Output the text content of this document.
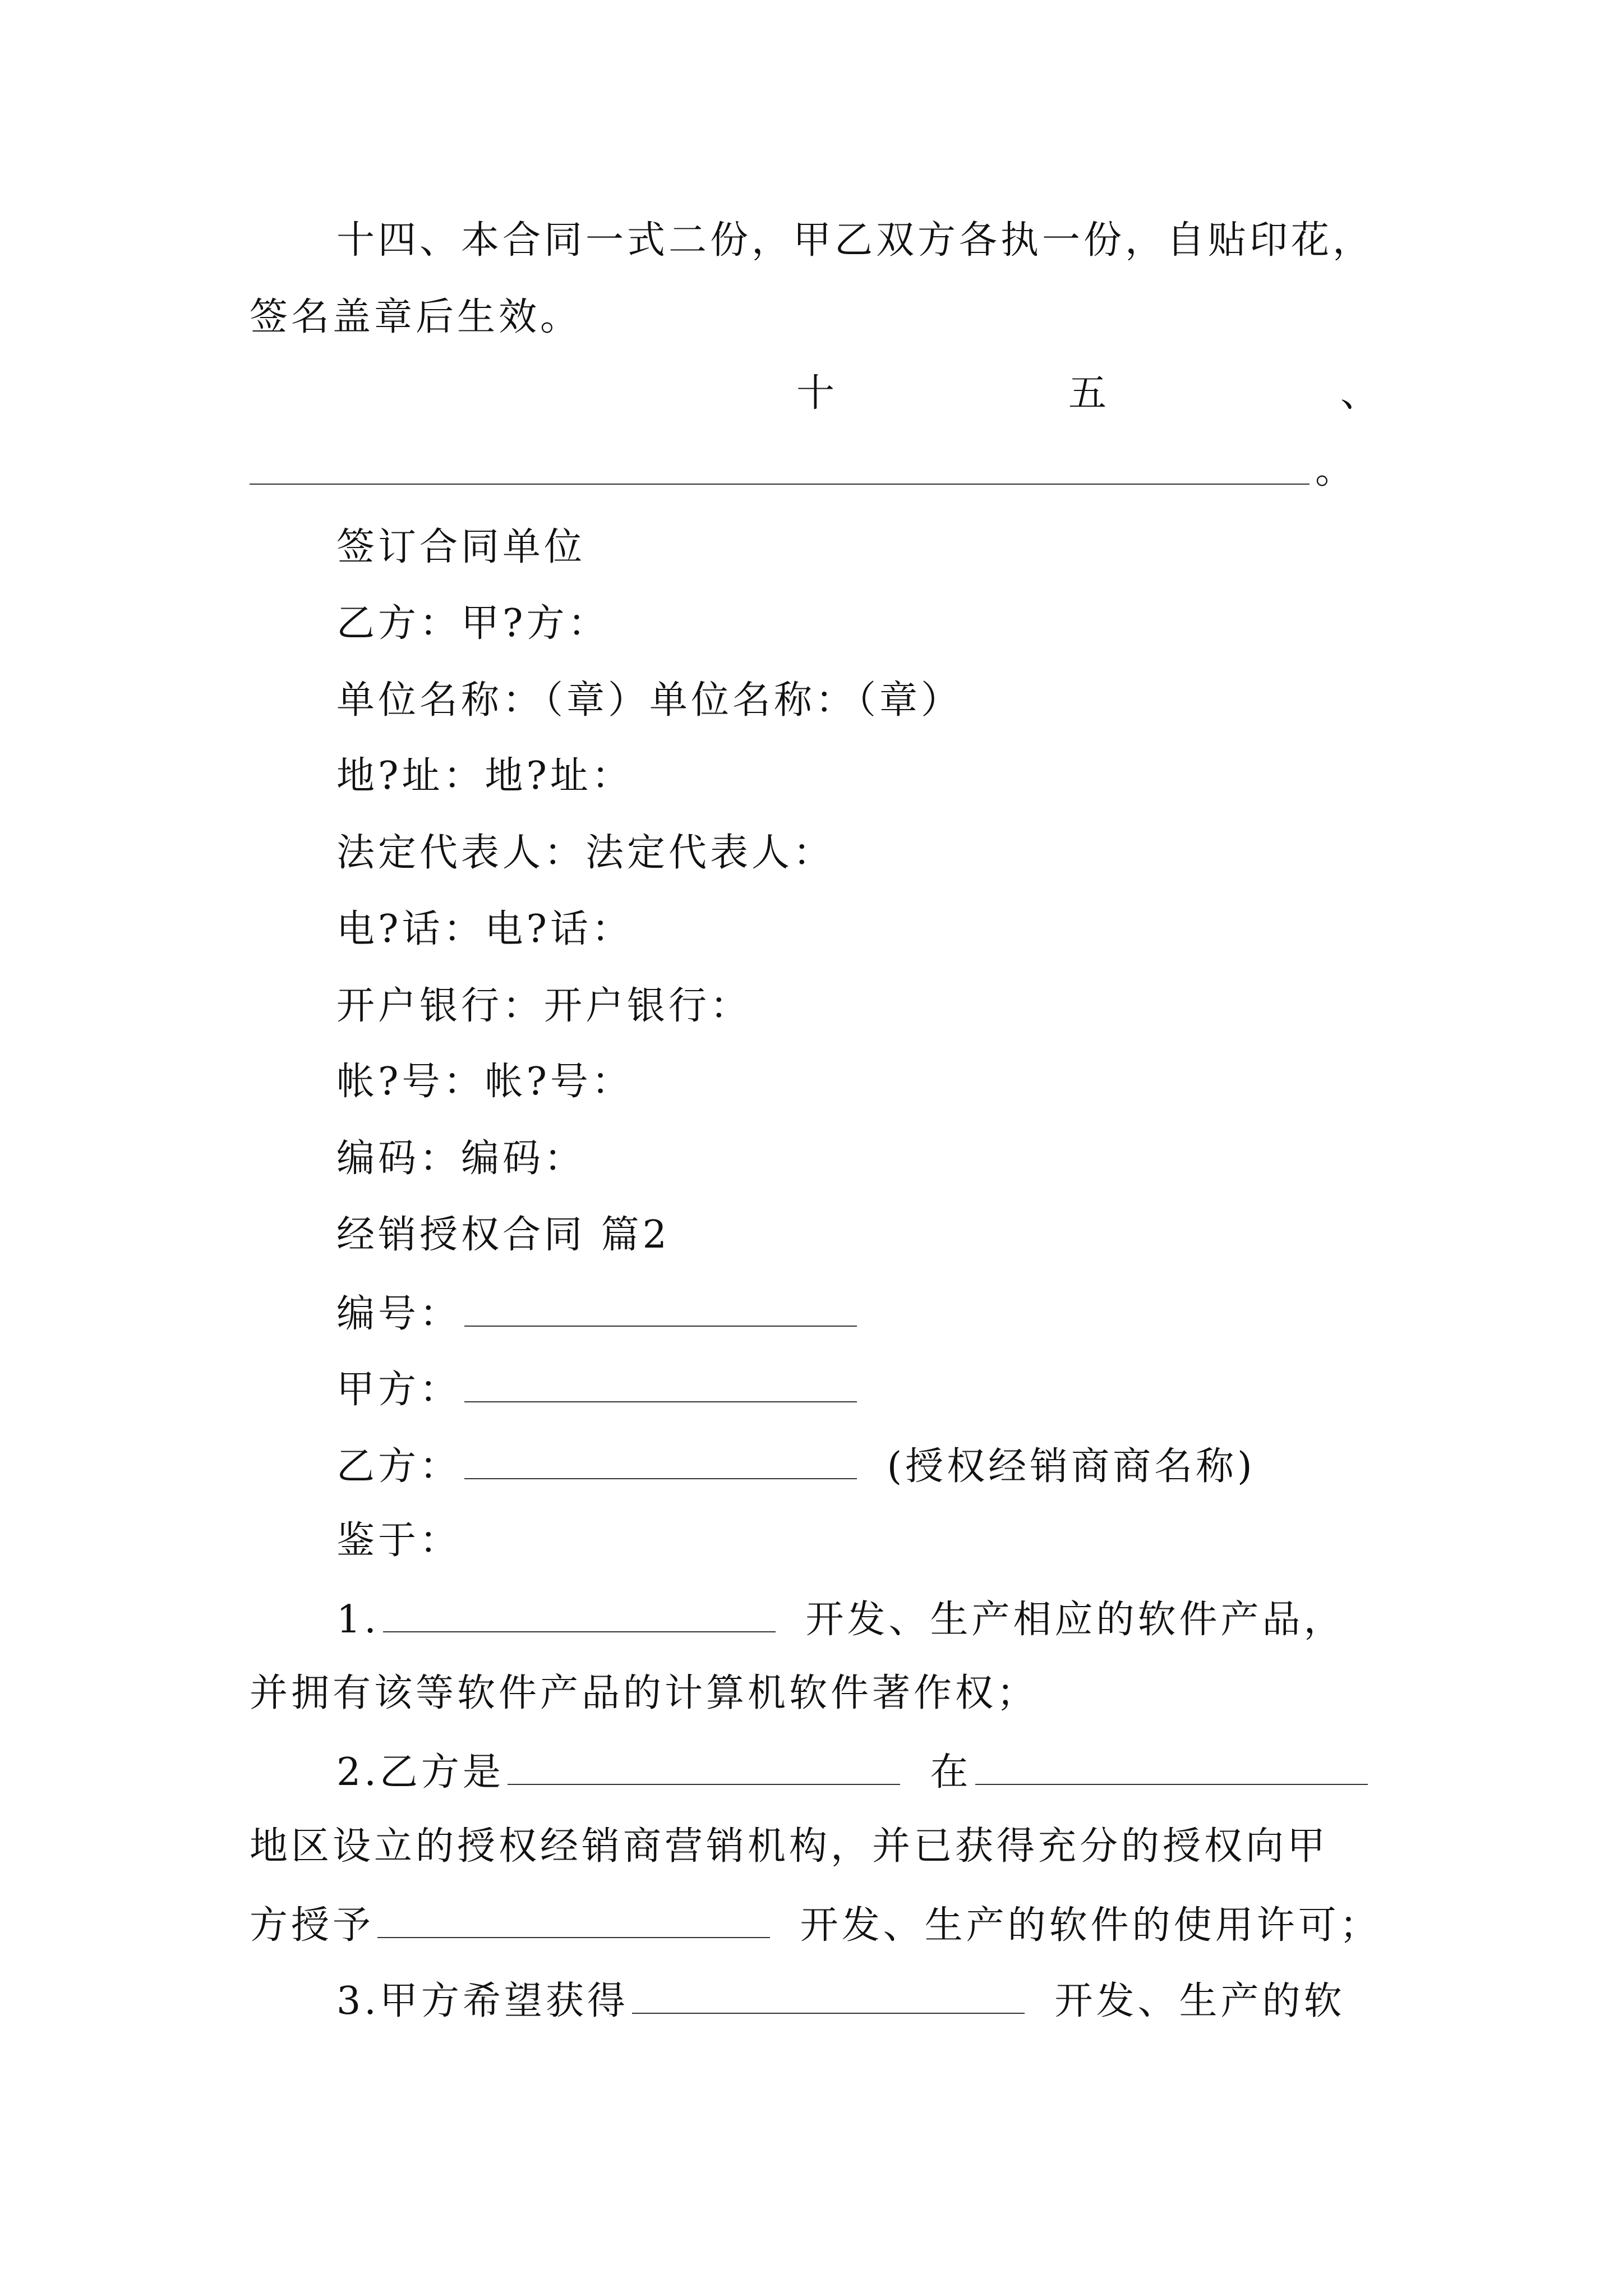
十四、本合同一式二份，甲乙双方各执一份，自贴印花，
签名盖章后生效。
十	五	、
。
签订合同单位
乙方：甲?方：
单位名称：（章）单位名称：（章）
地?址：地?址：
法定代表人：法定代表人：
电?话：电?话：
开户银行：开户银行：
帐?号：帐?号：
编码：编码：
经销授权合同 篇2
编号：
甲方：
乙方：	(授权经销商商名称)
鉴于：
1.	开发、生产相应的软件产品，
并拥有该等软件产品的计算机软件著作权；
2.乙方是	在
地区设立的授权经销商营销机构，并已获得充分的授权向甲
方授予	开发、生产的软件的使用许可；
3.甲方希望获得	开发、生产的软
